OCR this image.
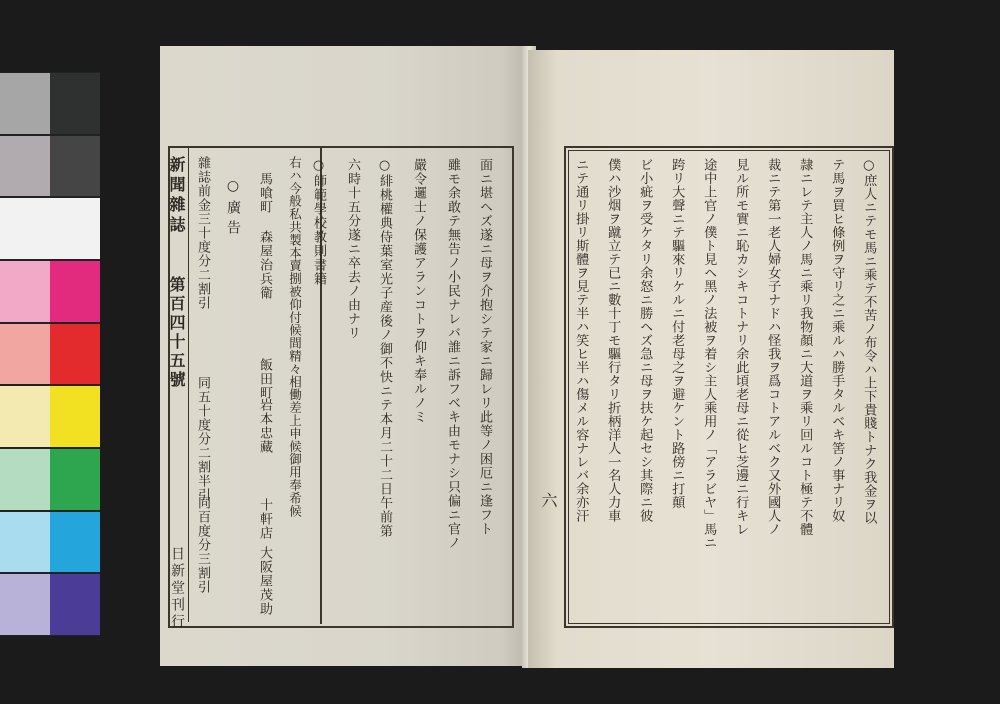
新聞雜誌
第百四十五號
日新堂刊行
雜誌前金三十度分二割引
同五十度分二割半引
同百度分三割引
○廣告 馬喰町
森屋治兵衛
飯田町
岩本忠藏
十軒店
大阪屋茂助
右ハ今般私共製本賣捌被仰付候間精々相働差上申候御用奉希候 ○師範學校教則書籍 六時十五分遂ニ卒去ノ由ナリ ○緋桃權典侍葉室光子産後ノ御不快ニテ本月二十二日午前第 嚴令邏士ノ保護アランコトヲ仰キ奉ルノミ 雖モ余敢テ無告ノ小民ナレバ誰ニ訴フベキ由モナシ只偏ニ官ノ 面ニ堪ヘズ遂ニ母ヲ介抱シテ家ニ歸レリ此等ノ困厄ニ逢フト	六 ニテ通リ掛リ斯體ヲ見テ半ハ笑ヒ半ハ傷メル容ナレバ余亦汗 僕ハ沙烟ヲ蹴立テ已ニ數十丁モ驅行タリ折柄洋人一名人力車 ビ小疵ヲ受ケタリ余怒ニ勝ヘズ急ニ母ヲ扶ケ起セシ其際ニ彼 跨リ大聲ニテ驅來リケルニ付老母之ヲ避ケント路傍ニ打顛 途中上官ノ僕ト見ヘ黑ノ法被ヲ着シ主人乘用ノ「アラビヤ」馬ニ 見ル所モ實ニ恥カシキコトナリ余此頃老母ニ從ヒ芝邊ニ行キレ 裁ニテ第一老人婦女子ナドハ怪我ヲ爲コトアルベク又外國人ノ 隷ニレテ主人ノ馬ニ乘リ我物顏ニ大道ヲ乘リ回ルコト極テ不體 テ馬ヲ買ヒ條例ヲ守リ之ニ乘ルハ勝手タルベキ筈ノ事ナリ奴 ○庶人ニテモ馬ニ乘テ不苦ノ布令ハ上下貴賤トナク我金ヲ以
